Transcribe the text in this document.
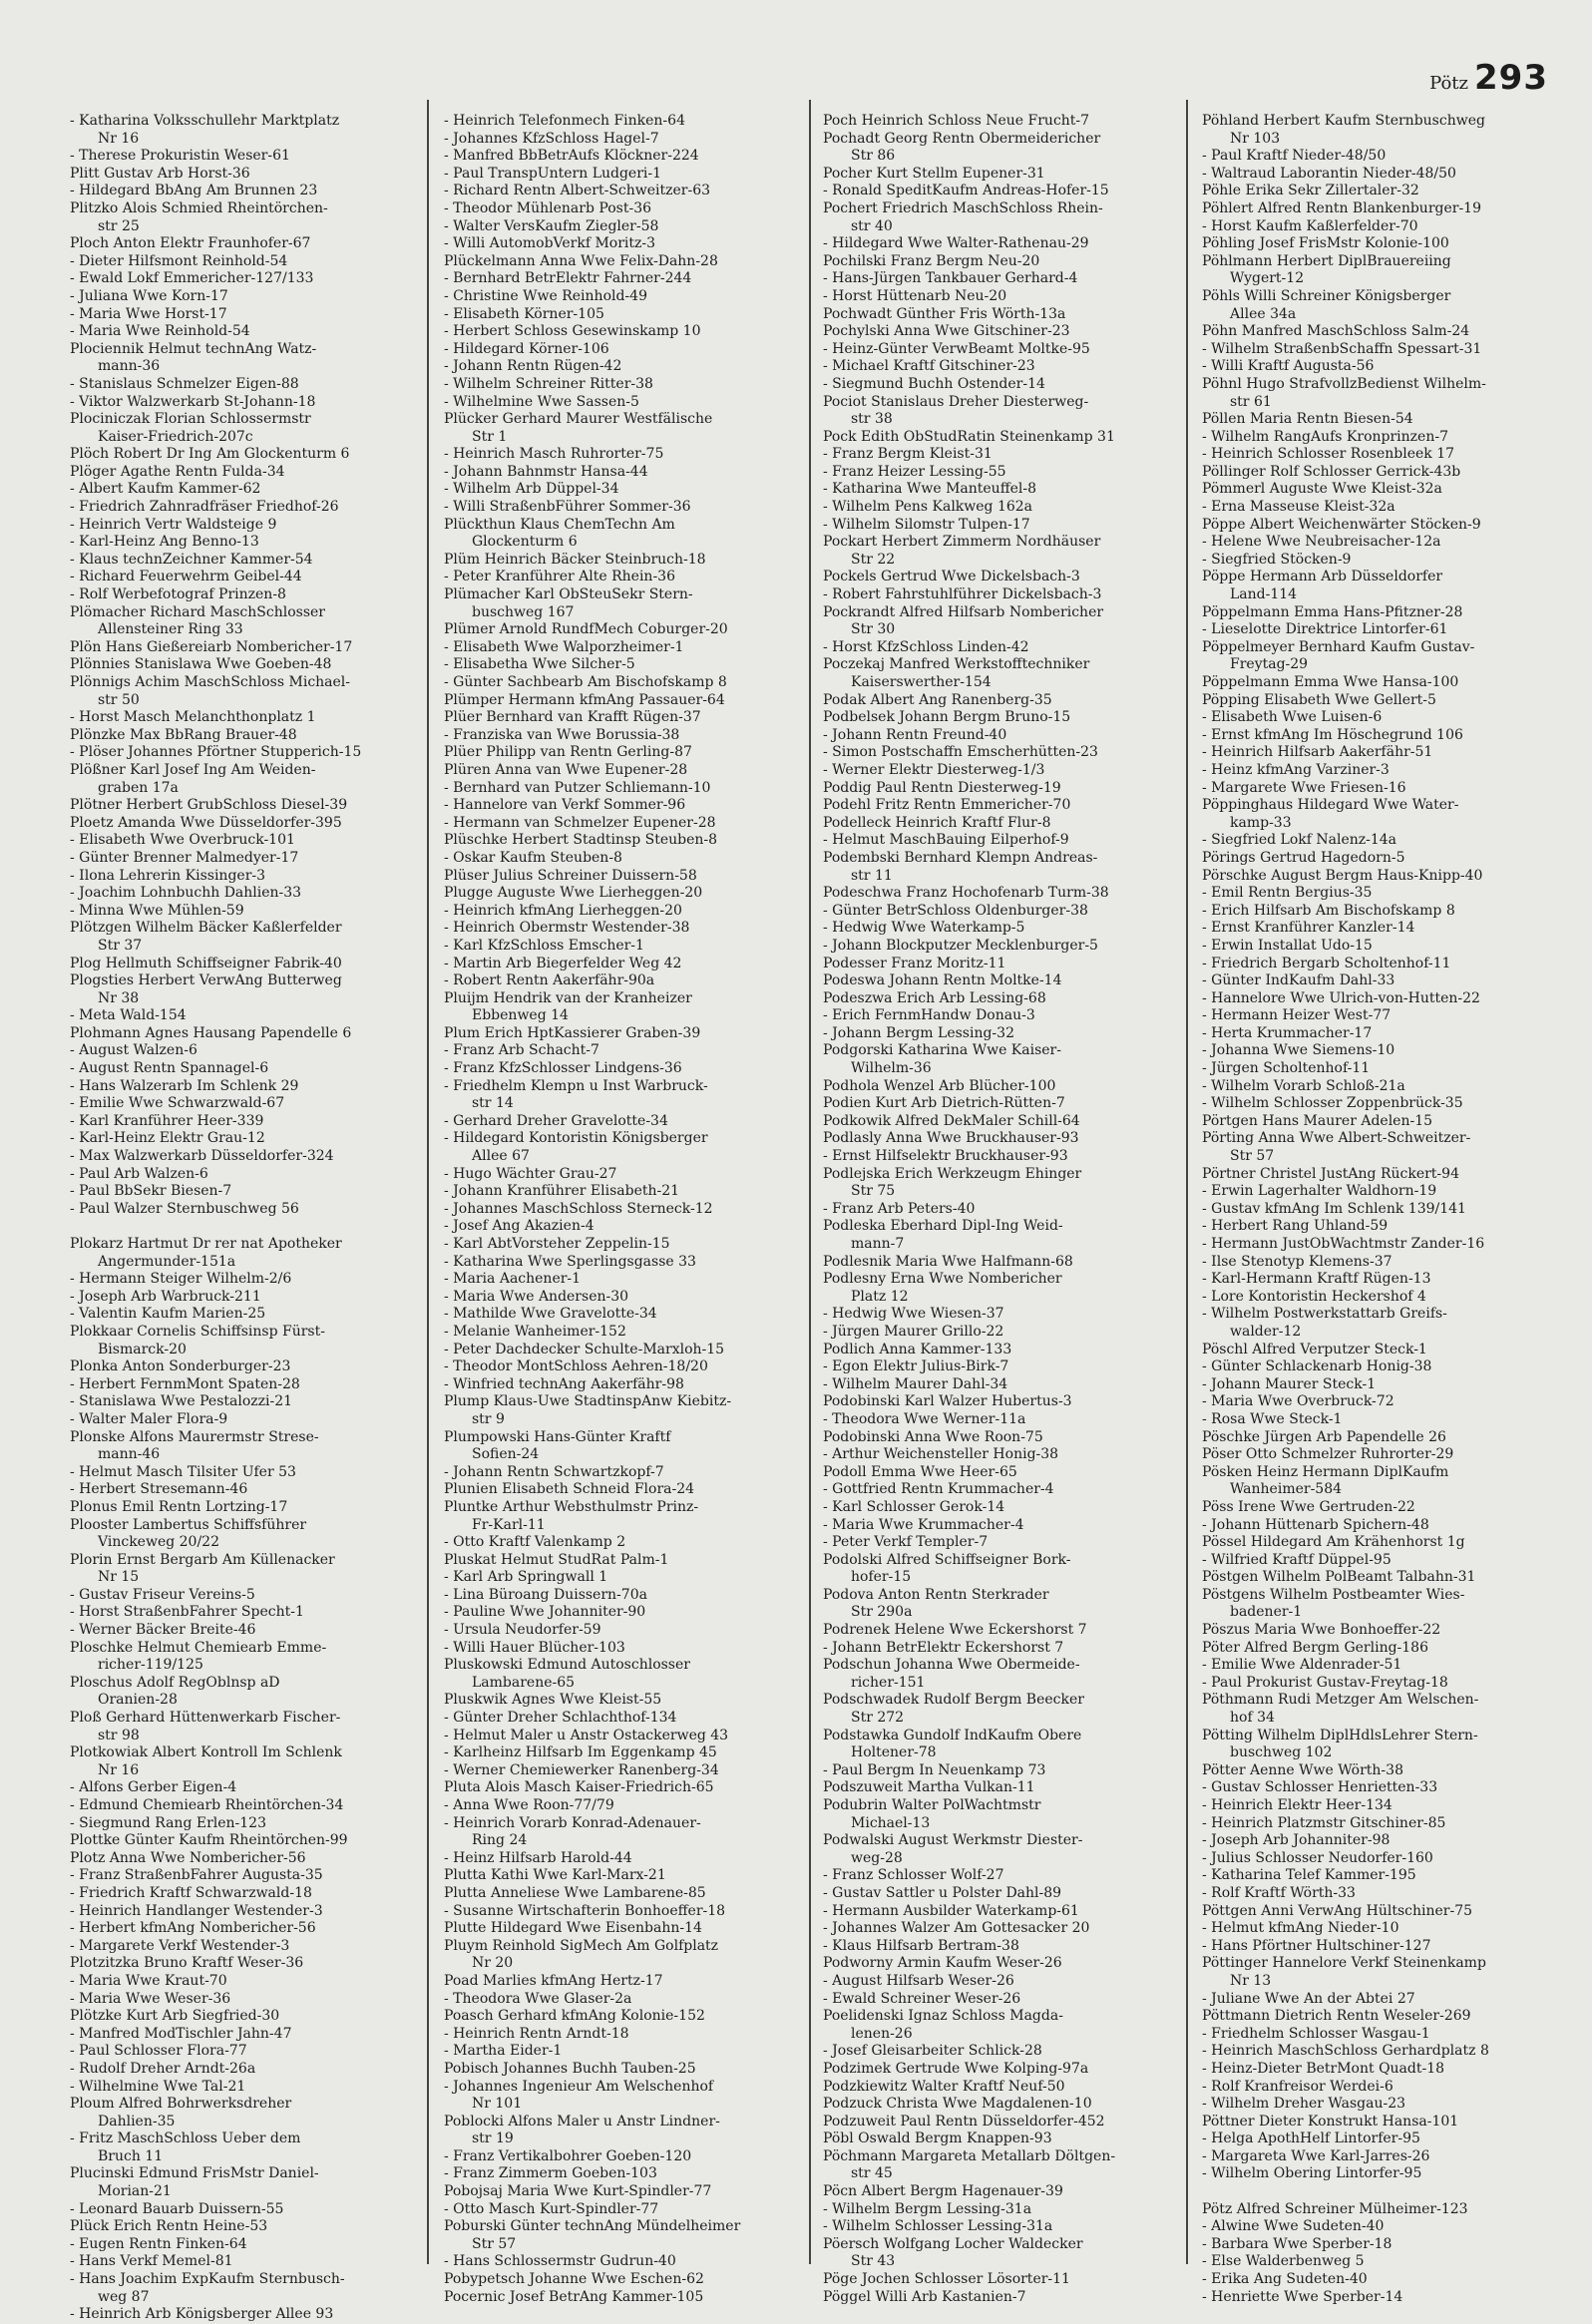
Pötz 293
- Katharina Volksschullehr Marktplatz
Nr 16
- Therese Prokuristin Weser-61
Plitt Gustav Arb Horst-36
- Hildegard BbAng Am Brunnen 23
Plitzko Alois Schmied Rheintörchen-
str 25
Ploch Anton Elektr Fraunhofer-67
- Dieter Hilfsmont Reinhold-54
- Ewald Lokf Emmericher-127/133
- Juliana Wwe Korn-17
- Maria Wwe Horst-17
- Maria Wwe Reinhold-54
Plociennik Helmut technAng Watz-
mann-36
- Stanislaus Schmelzer Eigen-88
- Viktor Walzwerkarb St-Johann-18
Plociniczak Florian Schlossermstr
Kaiser-Friedrich-207c
Plöch Robert Dr Ing Am Glockenturm 6
Plöger Agathe Rentn Fulda-34
- Albert Kaufm Kammer-62
- Friedrich Zahnradfräser Friedhof-26
- Heinrich Vertr Waldsteige 9
- Karl-Heinz Ang Benno-13
- Klaus technZeichner Kammer-54
- Richard Feuerwehrm Geibel-44
- Rolf Werbefotograf Prinzen-8
Plömacher Richard MaschSchlosser
Allensteiner Ring 33
Plön Hans Gießereiarb Nombericher-17
Plönnies Stanislawa Wwe Goeben-48
Plönnigs Achim MaschSchloss Michael-
str 50
- Horst Masch Melanchthonplatz 1
Plönzke Max BbRang Brauer-48
- Plöser Johannes Pförtner Stupperich-15
Plößner Karl Josef Ing Am Weiden-
graben 17a
Plötner Herbert GrubSchloss Diesel-39
Ploetz Amanda Wwe Düsseldorfer-395
- Elisabeth Wwe Overbruck-101
- Günter Brenner Malmedyer-17
- Ilona Lehrerin Kissinger-3
- Joachim Lohnbuchh Dahlien-33
- Minna Wwe Mühlen-59
Plötzgen Wilhelm Bäcker Kaßlerfelder
Str 37
Plog Hellmuth Schiffseigner Fabrik-40
Plogsties Herbert VerwAng Butterweg
Nr 38
- Meta Wald-154
Plohmann Agnes Hausang Papendelle 6
- August Walzen-6
- August Rentn Spannagel-6
- Hans Walzerarb Im Schlenk 29
- Emilie Wwe Schwarzwald-67
- Karl Kranführer Heer-339
- Karl-Heinz Elektr Grau-12
- Max Walzwerkarb Düsseldorfer-324
- Paul Arb Walzen-6
- Paul BbSekr Biesen-7
- Paul Walzer Sternbuschweg 56

Plokarz Hartmut Dr rer nat Apotheker
Angermunder-151a
- Hermann Steiger Wilhelm-2/6
- Joseph Arb Warbruck-211
- Valentin Kaufm Marien-25
Plokkaar Cornelis Schiffsinsp Fürst-
Bismarck-20
Plonka Anton Sonderburger-23
- Herbert FernmMont Spaten-28
- Stanislawa Wwe Pestalozzi-21
- Walter Maler Flora-9
Plonske Alfons Maurermstr Strese-
mann-46
- Helmut Masch Tilsiter Ufer 53
- Herbert Stresemann-46
Plonus Emil Rentn Lortzing-17
Plooster Lambertus Schiffsführer
Vinckeweg 20/22
Plorin Ernst Bergarb Am Küllenacker
Nr 15
- Gustav Friseur Vereins-5
- Horst StraßenbFahrer Specht-1
- Werner Bäcker Breite-46
Ploschke Helmut Chemiearb Emme-
richer-119/125
Ploschus Adolf RegOblnsp aD
Oranien-28
Ploß Gerhard Hüttenwerkarb Fischer-
str 98
Plotkowiak Albert Kontroll Im Schlenk
Nr 16
- Alfons Gerber Eigen-4
- Edmund Chemiearb Rheintörchen-34
- Siegmund Rang Erlen-123
Plottke Günter Kaufm Rheintörchen-99
Plotz Anna Wwe Nombericher-56
- Franz StraßenbFahrer Augusta-35
- Friedrich Kraftf Schwarzwald-18
- Heinrich Handlanger Westender-3
- Herbert kfmAng Nombericher-56
- Margarete Verkf Westender-3
Plotzitzka Bruno Kraftf Weser-36
- Maria Wwe Kraut-70
- Maria Wwe Weser-36
Plötzke Kurt Arb Siegfried-30
- Manfred ModTischler Jahn-47
- Paul Schlosser Flora-77
- Rudolf Dreher Arndt-26a
- Wilhelmine Wwe Tal-21
Ploum Alfred Bohrwerksdreher
Dahlien-35
- Fritz MaschSchloss Ueber dem
Bruch 11
Plucinski Edmund FrisMstr Daniel-
Morian-21
- Leonard Bauarb Duissern-55
Plück Erich Rentn Heine-53
- Eugen Rentn Finken-64
- Hans Verkf Memel-81
- Hans Joachim ExpKaufm Sternbusch-
weg 87
- Heinrich Arb Königsberger Allee 93
- Heinrich Telefonmech Finken-64
- Johannes KfzSchloss Hagel-7
- Manfred BbBetrAufs Klöckner-224
- Paul TranspUntern Ludgeri-1
- Richard Rentn Albert-Schweitzer-63
- Theodor Mühlenarb Post-36
- Walter VersKaufm Ziegler-58
- Willi AutomobVerkf Moritz-3
Plückelmann Anna Wwe Felix-Dahn-28
- Bernhard BetrElektr Fahrner-244
- Christine Wwe Reinhold-49
- Elisabeth Körner-105
- Herbert Schloss Gesewinskamp 10
- Hildegard Körner-106
- Johann Rentn Rügen-42
- Wilhelm Schreiner Ritter-38
- Wilhelmine Wwe Sassen-5
Plücker Gerhard Maurer Westfälische
Str 1
- Heinrich Masch Ruhrorter-75
- Johann Bahnmstr Hansa-44
- Wilhelm Arb Düppel-34
- Willi StraßenbFührer Sommer-36
Plückthun Klaus ChemTechn Am
Glockenturm 6
Plüm Heinrich Bäcker Steinbruch-18
- Peter Kranführer Alte Rhein-36
Plümacher Karl ObSteuSekr Stern-
buschweg 167
Plümer Arnold RundfMech Coburger-20
- Elisabeth Wwe Walporzheimer-1
- Elisabetha Wwe Silcher-5
- Günter Sachbearb Am Bischofskamp 8
Plümper Hermann kfmAng Passauer-64
Plüer Bernhard van Krafft Rügen-37
- Franziska van Wwe Borussia-38
Plüer Philipp van Rentn Gerling-87
Plüren Anna van Wwe Eupener-28
- Bernhard van Putzer Schliemann-10
- Hannelore van Verkf Sommer-96
- Hermann van Schmelzer Eupener-28
Plüschke Herbert Stadtinsp Steuben-8
- Oskar Kaufm Steuben-8
Plüser Julius Schreiner Duissern-58
Plugge Auguste Wwe Lierheggen-20
- Heinrich kfmAng Lierheggen-20
- Heinrich Obermstr Westender-38
- Karl KfzSchloss Emscher-1
- Martin Arb Biegerfelder Weg 42
- Robert Rentn Aakerfähr-90a
Pluijm Hendrik van der Kranheizer
Ebbenweg 14
Plum Erich HptKassierer Graben-39
- Franz Arb Schacht-7
- Franz KfzSchlosser Lindgens-36
- Friedhelm Klempn u Inst Warbruck-
str 14
- Gerhard Dreher Gravelotte-34
- Hildegard Kontoristin Königsberger
Allee 67
- Hugo Wächter Grau-27
- Johann Kranführer Elisabeth-21
- Johannes MaschSchloss Sterneck-12
- Josef Ang Akazien-4
- Karl AbtVorsteher Zeppelin-15
- Katharina Wwe Sperlingsgasse 33
- Maria Aachener-1
- Maria Wwe Andersen-30
- Mathilde Wwe Gravelotte-34
- Melanie Wanheimer-152
- Peter Dachdecker Schulte-Marxloh-15
- Theodor MontSchloss Aehren-18/20
- Winfried technAng Aakerfähr-98
Plump Klaus-Uwe StadtinspAnw Kiebitz-
str 9
Plumpowski Hans-Günter Kraftf
Sofien-24
- Johann Rentn Schwartzkopf-7
Plunien Elisabeth Schneid Flora-24
Pluntke Arthur Websthulmstr Prinz-
Fr-Karl-11
- Otto Kraftf Valenkamp 2
Pluskat Helmut StudRat Palm-1
- Karl Arb Springwall 1
- Lina Büroang Duissern-70a
- Pauline Wwe Johanniter-90
- Ursula Neudorfer-59
- Willi Hauer Blücher-103
Pluskowski Edmund Autoschlosser
Lambarene-65
Pluskwik Agnes Wwe Kleist-55
- Günter Dreher Schlachthof-134
- Helmut Maler u Anstr Ostackerweg 43
- Karlheinz Hilfsarb Im Eggenkamp 45
- Werner Chemiewerker Ranenberg-34
Pluta Alois Masch Kaiser-Friedrich-65
- Anna Wwe Roon-77/79
- Heinrich Vorarb Konrad-Adenauer-
Ring 24
- Heinz Hilfsarb Harold-44
Plutta Kathi Wwe Karl-Marx-21
Plutta Anneliese Wwe Lambarene-85
- Susanne Wirtschafterin Bonhoeffer-18
Plutte Hildegard Wwe Eisenbahn-14
Pluym Reinhold SigMech Am Golfplatz
Nr 20
Poad Marlies kfmAng Hertz-17
- Theodora Wwe Glaser-2a
Poasch Gerhard kfmAng Kolonie-152
- Heinrich Rentn Arndt-18
- Martha Eider-1
Pobisch Johannes Buchh Tauben-25
- Johannes Ingenieur Am Welschenhof
Nr 101
Poblocki Alfons Maler u Anstr Lindner-
str 19
- Franz Vertikalbohrer Goeben-120
- Franz Zimmerm Goeben-103
Pobojsaj Maria Wwe Kurt-Spindler-77
- Otto Masch Kurt-Spindler-77
Poburski Günter technAng Mündelheimer
Str 57
- Hans Schlossermstr Gudrun-40
Pobypetsch Johanne Wwe Eschen-62
Pocernic Josef BetrAng Kammer-105
Poch Heinrich Schloss Neue Frucht-7
Pochadt Georg Rentn Obermeidericher
Str 86
Pocher Kurt Stellm Eupener-31
- Ronald SpeditKaufm Andreas-Hofer-15
Pochert Friedrich MaschSchloss Rhein-
str 40
- Hildegard Wwe Walter-Rathenau-29
Pochilski Franz Bergm Neu-20
- Hans-Jürgen Tankbauer Gerhard-4
- Horst Hüttenarb Neu-20
Pochwadt Günther Fris Wörth-13a
Pochylski Anna Wwe Gitschiner-23
- Heinz-Günter VerwBeamt Moltke-95
- Michael Kraftf Gitschiner-23
- Siegmund Buchh Ostender-14
Pociot Stanislaus Dreher Diesterweg-
str 38
Pock Edith ObStudRatin Steinenkamp 31
- Franz Bergm Kleist-31
- Franz Heizer Lessing-55
- Katharina Wwe Manteuffel-8
- Wilhelm Pens Kalkweg 162a
- Wilhelm Silomstr Tulpen-17
Pockart Herbert Zimmerm Nordhäuser
Str 22
Pockels Gertrud Wwe Dickelsbach-3
- Robert Fahrstuhlführer Dickelsbach-3
Pockrandt Alfred Hilfsarb Nombericher
Str 30
- Horst KfzSchloss Linden-42
Poczekaj Manfred Werkstofftechniker
Kaiserswerther-154
Podak Albert Ang Ranenberg-35
Podbelsek Johann Bergm Bruno-15
- Johann Rentn Freund-40
- Simon Postschaffn Emscherhütten-23
- Werner Elektr Diesterweg-1/3
Poddig Paul Rentn Diesterweg-19
Podehl Fritz Rentn Emmericher-70
Podelleck Heinrich Kraftf Flur-8
- Helmut MaschBauing Eilperhof-9
Podembski Bernhard Klempn Andreas-
str 11
Podeschwa Franz Hochofenarb Turm-38
- Günter BetrSchloss Oldenburger-38
- Hedwig Wwe Waterkamp-5
- Johann Blockputzer Mecklenburger-5
Podesser Franz Moritz-11
Podeswa Johann Rentn Moltke-14
Podeszwa Erich Arb Lessing-68
- Erich FernmHandw Donau-3
- Johann Bergm Lessing-32
Podgorski Katharina Wwe Kaiser-
Wilhelm-36
Podhola Wenzel Arb Blücher-100
Podien Kurt Arb Dietrich-Rütten-7
Podkowik Alfred DekMaler Schill-64
Podlasly Anna Wwe Bruckhauser-93
- Ernst Hilfselektr Bruckhauser-93
Podlejska Erich Werkzeugm Ehinger
Str 75
- Franz Arb Peters-40
Podleska Eberhard Dipl-Ing Weid-
mann-7
Podlesnik Maria Wwe Halfmann-68
Podlesny Erna Wwe Nombericher
Platz 12
- Hedwig Wwe Wiesen-37
- Jürgen Maurer Grillo-22
Podlich Anna Kammer-133
- Egon Elektr Julius-Birk-7
- Wilhelm Maurer Dahl-34
Podobinski Karl Walzer Hubertus-3
- Theodora Wwe Werner-11a
Podobinski Anna Wwe Roon-75
- Arthur Weichensteller Honig-38
Podoll Emma Wwe Heer-65
- Gottfried Rentn Krummacher-4
- Karl Schlosser Gerok-14
- Maria Wwe Krummacher-4
- Peter Verkf Templer-7
Podolski Alfred Schiffseigner Bork-
hofer-15
Podova Anton Rentn Sterkrader
Str 290a
Podrenek Helene Wwe Eckershorst 7
- Johann BetrElektr Eckershorst 7
Podschun Johanna Wwe Obermeide-
richer-151
Podschwadek Rudolf Bergm Beecker
Str 272
Podstawka Gundolf IndKaufm Obere
Holtener-78
- Paul Bergm In Neuenkamp 73
Podszuweit Martha Vulkan-11
Podubrin Walter PolWachtmstr
Michael-13
Podwalski August Werkmstr Diester-
weg-28
- Franz Schlosser Wolf-27
- Gustav Sattler u Polster Dahl-89
- Hermann Ausbilder Waterkamp-61
- Johannes Walzer Am Gottesacker 20
- Klaus Hilfsarb Bertram-38
Podworny Armin Kaufm Weser-26
- August Hilfsarb Weser-26
- Ewald Schreiner Weser-26
Poelidenski Ignaz Schloss Magda-
lenen-26
- Josef Gleisarbeiter Schlick-28
Podzimek Gertrude Wwe Kolping-97a
Podzkiewitz Walter Kraftf Neuf-50
Podzuck Christa Wwe Magdalenen-10
Podzuweit Paul Rentn Düsseldorfer-452
Pöbl Oswald Bergm Knappen-93
Pöchmann Margareta Metallarb Döltgen-
str 45
Pöcn Albert Bergm Hagenauer-39
- Wilhelm Bergm Lessing-31a
- Wilhelm Schlosser Lessing-31a
Pöersch Wolfgang Locher Waldecker
Str 43
Pöge Jochen Schlosser Lösorter-11
Pöggel Willi Arb Kastanien-7
Pöhland Herbert Kaufm Sternbuschweg
Nr 103
- Paul Kraftf Nieder-48/50
- Waltraud Laborantin Nieder-48/50
Pöhle Erika Sekr Zillertaler-32
Pöhlert Alfred Rentn Blankenburger-19
- Horst Kaufm Kaßlerfelder-70
Pöhling Josef FrisMstr Kolonie-100
Pöhlmann Herbert DiplBrauereiing
Wygert-12
Pöhls Willi Schreiner Königsberger
Allee 34a
Pöhn Manfred MaschSchloss Salm-24
- Wilhelm StraßenbSchaffn Spessart-31
- Willi Kraftf Augusta-56
Pöhnl Hugo StrafvollzBedienst Wilhelm-
str 61
Pöllen Maria Rentn Biesen-54
- Wilhelm RangAufs Kronprinzen-7
- Heinrich Schlosser Rosenbleek 17
Pöllinger Rolf Schlosser Gerrick-43b
Pömmerl Auguste Wwe Kleist-32a
- Erna Masseuse Kleist-32a
Pöppe Albert Weichenwärter Stöcken-9
- Helene Wwe Neubreisacher-12a
- Siegfried Stöcken-9
Pöppe Hermann Arb Düsseldorfer
Land-114
Pöppelmann Emma Hans-Pfitzner-28
- Lieselotte Direktrice Lintorfer-61
Pöppelmeyer Bernhard Kaufm Gustav-
Freytag-29
Pöppelmann Emma Wwe Hansa-100
Pöpping Elisabeth Wwe Gellert-5
- Elisabeth Wwe Luisen-6
- Ernst kfmAng Im Höschegrund 106
- Heinrich Hilfsarb Aakerfähr-51
- Heinz kfmAng Varziner-3
- Margarete Wwe Friesen-16
Pöppinghaus Hildegard Wwe Water-
kamp-33
- Siegfried Lokf Nalenz-14a
Pörings Gertrud Hagedorn-5
Pörschke August Bergm Haus-Knipp-40
- Emil Rentn Bergius-35
- Erich Hilfsarb Am Bischofskamp 8
- Ernst Kranführer Kanzler-14
- Erwin Installat Udo-15
- Friedrich Bergarb Scholtenhof-11
- Günter IndKaufm Dahl-33
- Hannelore Wwe Ulrich-von-Hutten-22
- Hermann Heizer West-77
- Herta Krummacher-17
- Johanna Wwe Siemens-10
- Jürgen Scholtenhof-11
- Wilhelm Vorarb Schloß-21a
- Wilhelm Schlosser Zoppenbrück-35
Pörtgen Hans Maurer Adelen-15
Pörting Anna Wwe Albert-Schweitzer-
Str 57
Pörtner Christel JustAng Rückert-94
- Erwin Lagerhalter Waldhorn-19
- Gustav kfmAng Im Schlenk 139/141
- Herbert Rang Uhland-59
- Hermann JustObWachtmstr Zander-16
- Ilse Stenotyp Klemens-37
- Karl-Hermann Kraftf Rügen-13
- Lore Kontoristin Heckershof 4
- Wilhelm Postwerkstattarb Greifs-
walder-12
Pöschl Alfred Verputzer Steck-1
- Günter Schlackenarb Honig-38
- Johann Maurer Steck-1
- Maria Wwe Overbruck-72
- Rosa Wwe Steck-1
Pöschke Jürgen Arb Papendelle 26
Pöser Otto Schmelzer Ruhrorter-29
Pösken Heinz Hermann DiplKaufm
Wanheimer-584
Pöss Irene Wwe Gertruden-22
- Johann Hüttenarb Spichern-48
Pössel Hildegard Am Krähenhorst 1g
- Wilfried Kraftf Düppel-95
Pöstgen Wilhelm PolBeamt Talbahn-31
Pöstgens Wilhelm Postbeamter Wies-
badener-1
Pöszus Maria Wwe Bonhoeffer-22
Pöter Alfred Bergm Gerling-186
- Emilie Wwe Aldenrader-51
- Paul Prokurist Gustav-Freytag-18
Pöthmann Rudi Metzger Am Welschen-
hof 34
Pötting Wilhelm DiplHdlsLehrer Stern-
buschweg 102
Pötter Aenne Wwe Wörth-38
- Gustav Schlosser Henrietten-33
- Heinrich Elektr Heer-134
- Heinrich Platzmstr Gitschiner-85
- Joseph Arb Johanniter-98
- Julius Schlosser Neudorfer-160
- Katharina Telef Kammer-195
- Rolf Kraftf Wörth-33
Pöttgen Anni VerwAng Hültschiner-75
- Helmut kfmAng Nieder-10
- Hans Pförtner Hultschiner-127
Pöttinger Hannelore Verkf Steinenkamp
Nr 13
- Juliane Wwe An der Abtei 27
Pöttmann Dietrich Rentn Weseler-269
- Friedhelm Schlosser Wasgau-1
- Heinrich MaschSchloss Gerhardplatz 8
- Heinz-Dieter BetrMont Quadt-18
- Rolf Kranfreisor Werdei-6
- Wilhelm Dreher Wasgau-23
Pöttner Dieter Konstrukt Hansa-101
- Helga ApothHelf Lintorfer-95
- Margareta Wwe Karl-Jarres-26
- Wilhelm Obering Lintorfer-95

Pötz Alfred Schreiner Mülheimer-123
- Alwine Wwe Sudeten-40
- Barbara Wwe Sperber-18
- Else Walderbenweg 5
- Erika Ang Sudeten-40
- Henriette Wwe Sperber-14
